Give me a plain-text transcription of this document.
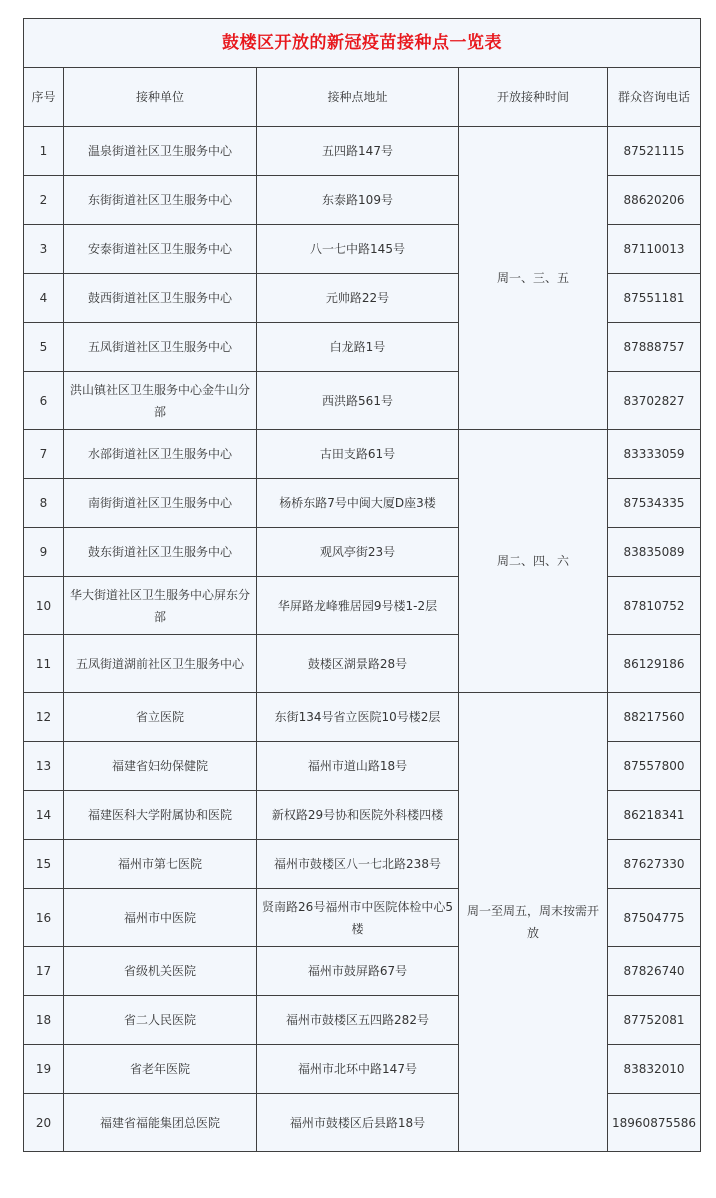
鼓楼区开放的新冠疫苗接种点一览表				
序号	接种单位	接种点地址	开放接种时间	群众咨询电话
1	温泉街道社区卫生服务中心	五四路147号	周一、三、五	87521115
2	东街街道社区卫生服务中心	东泰路109号		88620206
3	安泰街道社区卫生服务中心	八一七中路145号		87110013
4	鼓西街道社区卫生服务中心	元帅路22号		87551181
5	五凤街道社区卫生服务中心	白龙路1号		87888757
6	洪山镇社区卫生服务中心金牛山分部	西洪路561号		83702827
7	水部街道社区卫生服务中心	古田支路61号	周二、四、六	83333059
8	南街街道社区卫生服务中心	杨桥东路7号中闽大厦D座3楼		87534335
9	鼓东街道社区卫生服务中心	观风亭街23号		83835089
10	华大街道社区卫生服务中心屏东分部	华屏路龙峰雅居园9号楼1-2层		87810752
11	五凤街道湖前社区卫生服务中心	鼓楼区湖景路28号		86129186
12	省立医院	东街134号省立医院10号楼2层	周一至周五，周末按需开放	88217560
13	福建省妇幼保健院	福州市道山路18号		87557800
14	福建医科大学附属协和医院	新权路29号协和医院外科楼四楼		86218341
15	福州市第七医院	福州市鼓楼区八一七北路238号		87627330
16	福州市中医院	贤南路26号福州市中医院体检中心5楼		87504775
17	省级机关医院	福州市鼓屏路67号		87826740
18	省二人民医院	福州市鼓楼区五四路282号		87752081
19	省老年医院	福州市北环中路147号		83832010
20	福建省福能集团总医院	福州市鼓楼区后县路18号		18960875586
